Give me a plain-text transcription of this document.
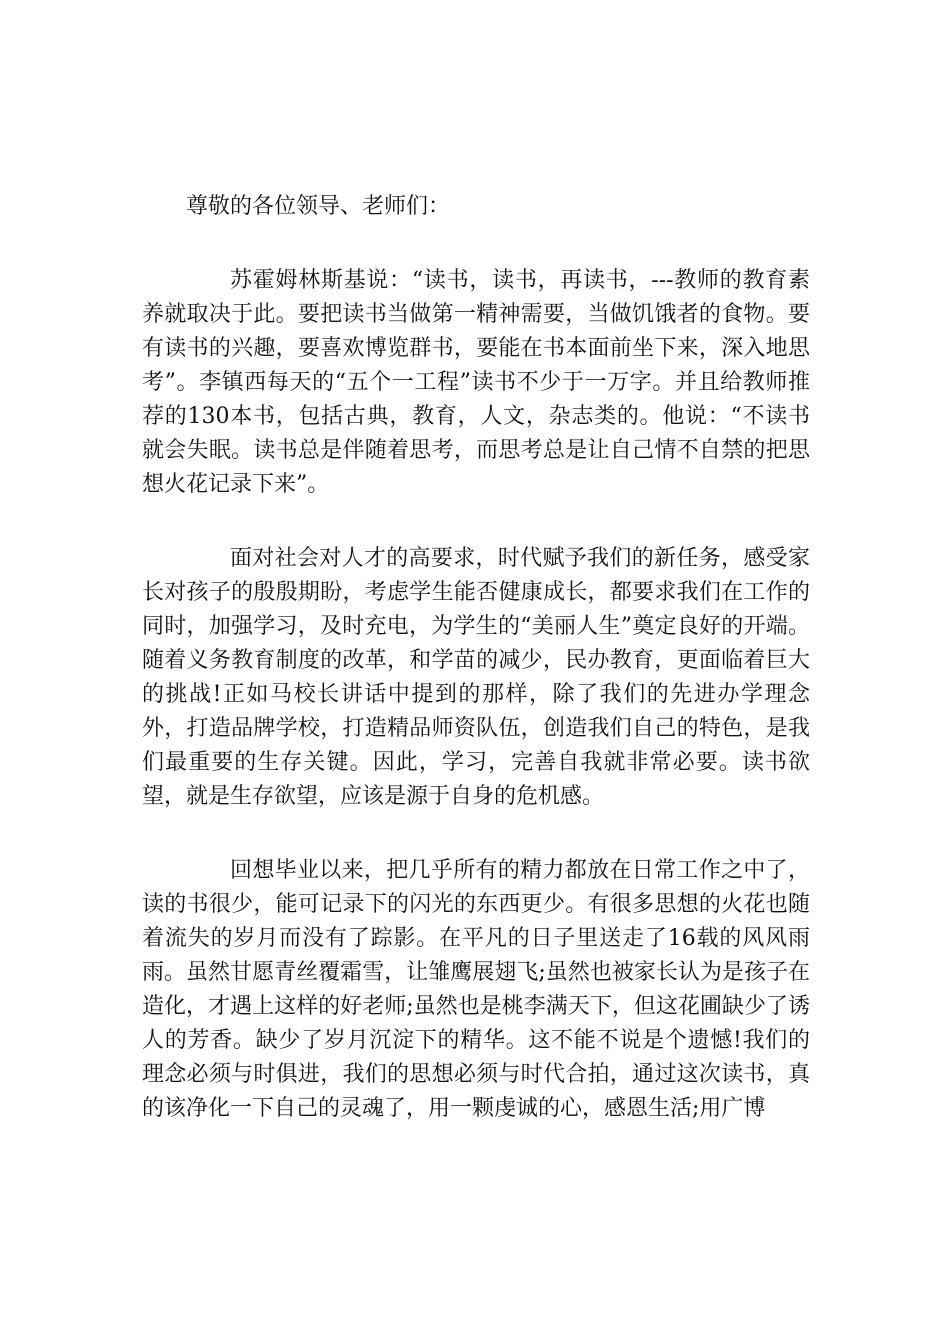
尊敬的各位领导、老师们：

苏霍姆林斯基说：“读书，读书，再读书，---教师的教育素养就取决于此。要把读书当做第一精神需要，当做饥饿者的食物。要有读书的兴趣，要喜欢博览群书，要能在书本面前坐下来，深入地思考”。李镇西每天的“五个一工程”读书不少于一万字。并且给教师推荐的130本书，包括古典，教育，人文，杂志类的。他说：“不读书就会失眠。读书总是伴随着思考，而思考总是让自己情不自禁的把思想火花记录下来”。

面对社会对人才的高要求，时代赋予我们的新任务，感受家长对孩子的殷殷期盼，考虑学生能否健康成长，都要求我们在工作的同时，加强学习，及时充电，为学生的“美丽人生”奠定良好的开端。随着义务教育制度的改革，和学苗的减少，民办教育，更面临着巨大的挑战!正如马校长讲话中提到的那样，除了我们的先进办学理念外，打造品牌学校，打造精品师资队伍，创造我们自己的特色，是我们最重要的生存关键。因此，学习，完善自我就非常必要。读书欲望，就是生存欲望，应该是源于自身的危机感。

回想毕业以来，把几乎所有的精力都放在日常工作之中了，读的书很少，能可记录下的闪光的东西更少。有很多思想的火花也随着流失的岁月而没有了踪影。在平凡的日子里送走了16载的风风雨雨。虽然甘愿青丝覆霜雪，让雏鹰展翅飞;虽然也被家长认为是孩子在造化，才遇上这样的好老师;虽然也是桃李满天下，但这花圃缺少了诱人的芳香。缺少了岁月沉淀下的精华。这不能不说是个遗憾!我们的理念必须与时俱进，我们的思想必须与时代合拍，通过这次读书，真的该净化一下自己的灵魂了，用一颗虔诚的心，感恩生活;用广博
